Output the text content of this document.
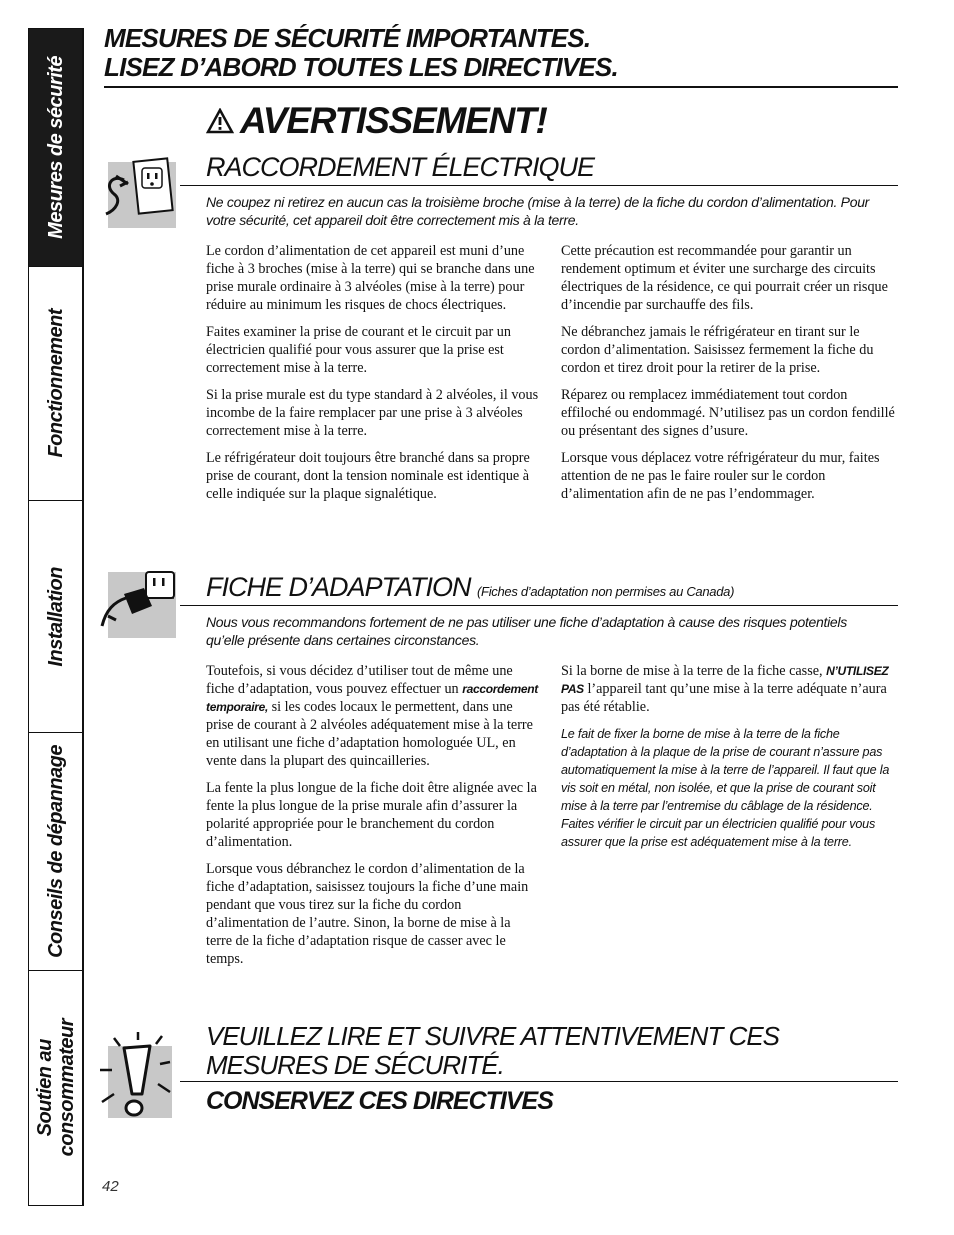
Mesures de sécurité
Fonctionnement
Installation
Conseils de dépannage
Soutien au
consommateur
MESURES DE SÉCURITÉ IMPORTANTES.
LISEZ D’ABORD TOUTES LES DIRECTIVES.
AVERTISSEMENT!
RACCORDEMENT ÉLECTRIQUE
Ne coupez ni retirez en aucun cas la troisième broche (mise à la terre) de la fiche du cordon d’alimentation. Pour votre sécurité, cet appareil doit être correctement mis à la terre.

Le cordon d’alimentation de cet appareil est muni d’une fiche à 3 broches (mise à la terre) qui se branche dans une prise murale ordinaire à 3 alvéoles (mise à la terre) pour réduire au minimum les risques de chocs électriques.

Faites examiner la prise de courant et le circuit par un électricien qualifié pour vous assurer que la prise est correctement mise à la terre.

Si la prise murale est du type standard à 2 alvéoles, il vous incombe de la faire remplacer par une prise à 3 alvéoles correctement mise à la terre.

Le réfrigérateur doit toujours être branché dans sa propre prise de courant, dont la tension nominale est identique à celle indiquée sur la plaque signalétique.

Cette précaution est recommandée pour garantir un rendement optimum et éviter une surcharge des circuits électriques de la résidence, ce qui pourrait créer un risque d’incendie par surchauffe des fils.

Ne débranchez jamais le réfrigérateur en tirant sur le cordon d’alimentation. Saisissez fermement la fiche du cordon et tirez droit pour la retirer de la prise.

Réparez ou remplacez immédiatement tout cordon effiloché ou endommagé. N’utilisez pas un cordon fendillé ou présentant des signes d’usure.

Lorsque vous déplacez votre réfrigérateur du mur, faites attention de ne pas le faire rouler sur le cordon d’alimentation afin de ne pas l’endommager.

FICHE D’ADAPTATION (Fiches d’adaptation non permises au Canada)
Nous vous recommandons fortement de ne pas utiliser une fiche d’adaptation à cause des risques potentiels qu’elle présente dans certaines circonstances.

Toutefois, si vous décidez d’utiliser tout de même une fiche d’adaptation, vous pouvez effectuer un raccordement temporaire, si les codes locaux le permettent, dans une prise de courant à 2 alvéoles adéquatement mise à la terre en utilisant une fiche d’adaptation homologuée UL, en vente dans la plupart des quincailleries.

La fente la plus longue de la fiche doit être alignée avec la fente la plus longue de la prise murale afin d’assurer la polarité appropriée pour le branchement du cordon d’alimentation.

Lorsque vous débranchez le cordon d’alimentation de la fiche d’adaptation, saisissez toujours la fiche d’une main pendant que vous tirez sur la fiche du cordon d’alimentation de l’autre. Sinon, la borne de mise à la terre de la fiche d’adaptation risque de casser avec le temps.

Si la borne de mise à la terre de la fiche casse, N’UTILISEZ PAS l’appareil tant qu’une mise à la terre adéquate n’aura pas été rétablie.

Le fait de fixer la borne de mise à la terre de la fiche d’adaptation à la plaque de la prise de courant n’assure pas automatiquement la mise à la terre de l’appareil. Il faut que la vis soit en métal, non isolée, et que la prise de courant soit mise à la terre par l’entremise du câblage de la résidence. Faites vérifier le circuit par un électricien qualifié pour vous assurer que la prise est adéquatement mise à la terre.

VEUILLEZ LIRE ET SUIVRE ATTENTIVEMENT CES
MESURES DE SÉCURITÉ.
CONSERVEZ CES DIRECTIVES
42
